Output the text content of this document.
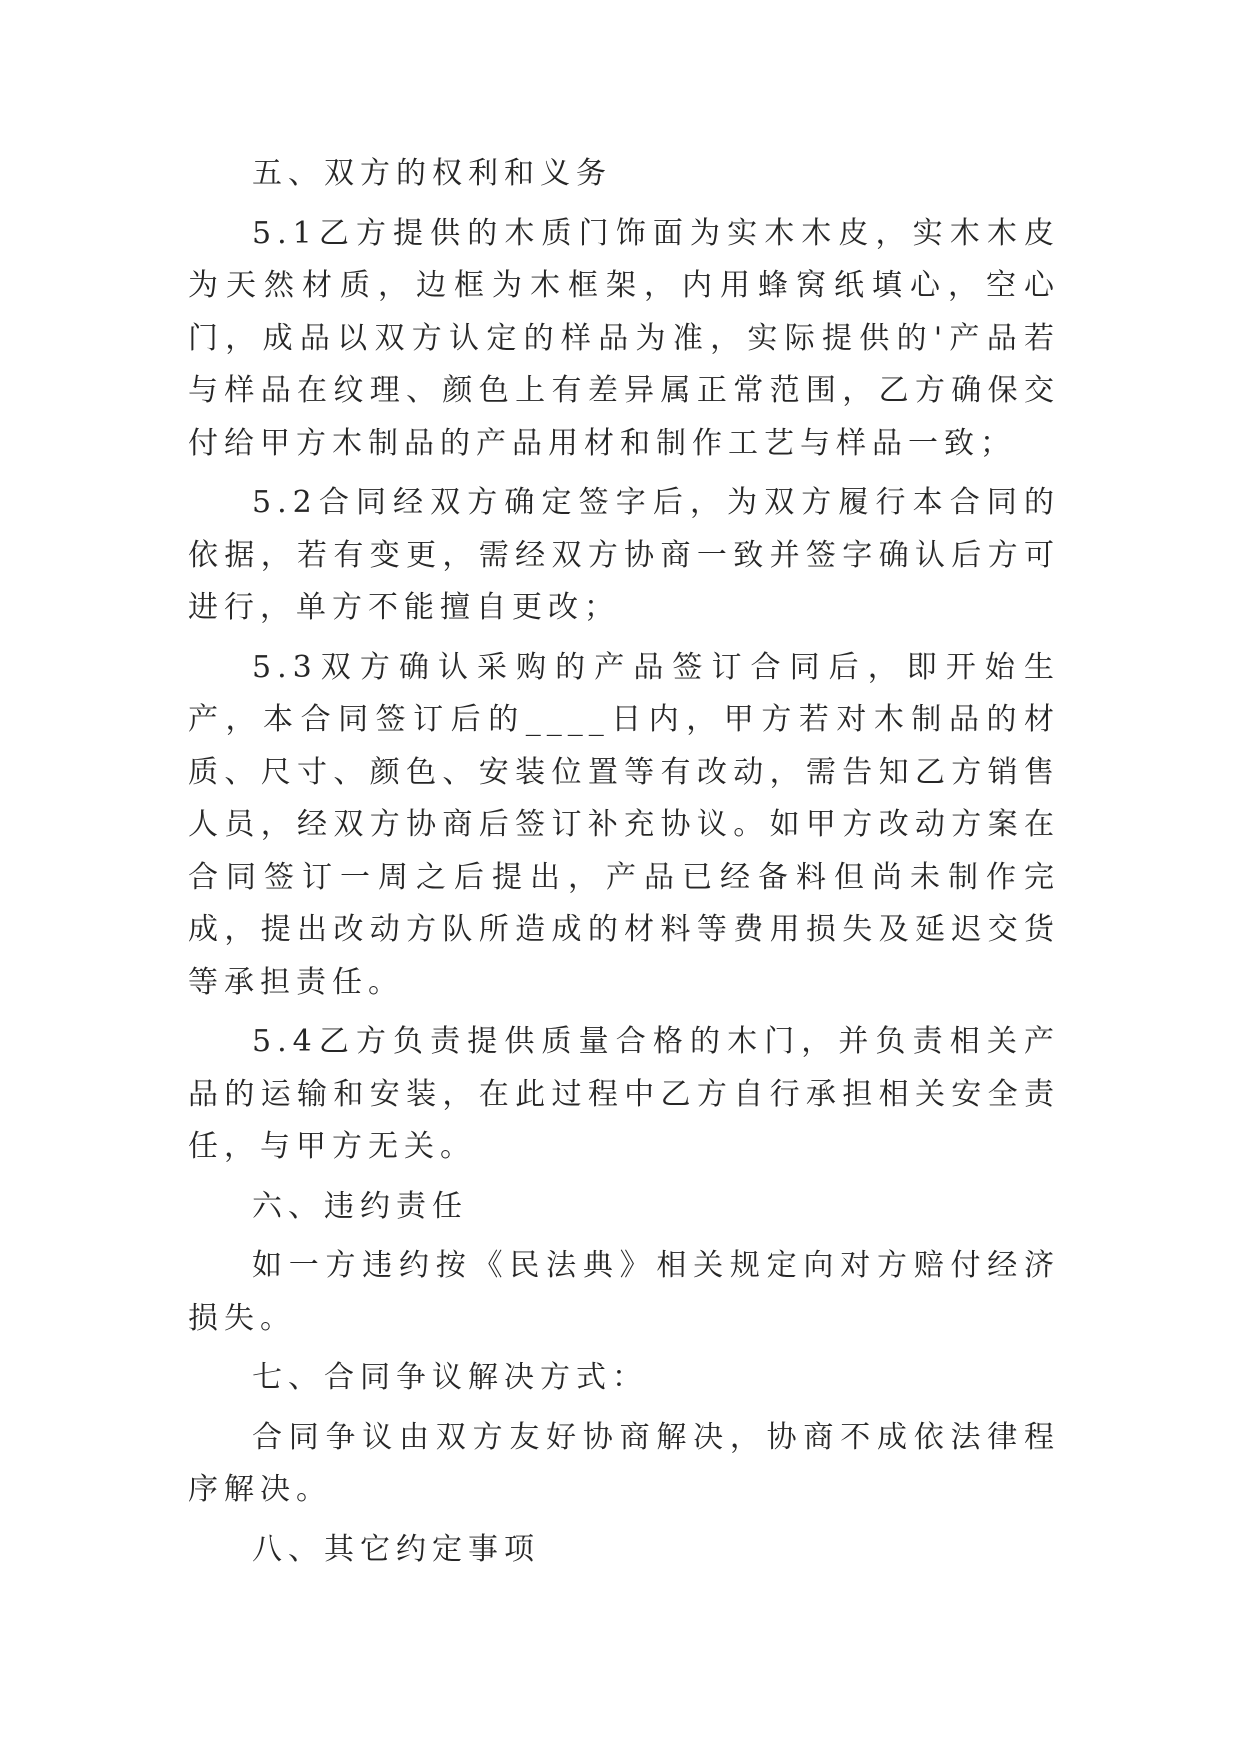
五、双方的权利和义务

5.1乙方提供的木质门饰面为实木木皮，实木木皮为天然材质，边框为木框架，内用蜂窝纸填心，空心门，成品以双方认定的样品为准，实际提供的'产品若与样品在纹理、颜色上有差异属正常范围，乙方确保交付给甲方木制品的产品用材和制作工艺与样品一致；

5.2合同经双方确定签字后，为双方履行本合同的依据，若有变更，需经双方协商一致并签字确认后方可进行，单方不能擅自更改；

5.3双方确认采购的产品签订合同后，即开始生产，本合同签订后的____日内，甲方若对木制品的材质、尺寸、颜色、安装位置等有改动，需告知乙方销售人员，经双方协商后签订补充协议。如甲方改动方案在合同签订一周之后提出，产品已经备料但尚未制作完成，提出改动方队所造成的材料等费用损失及延迟交货等承担责任。

5.4乙方负责提供质量合格的木门，并负责相关产品的运输和安装，在此过程中乙方自行承担相关安全责任，与甲方无关。

六、违约责任

如一方违约按《民法典》相关规定向对方赔付经济损失。

七、合同争议解决方式：

合同争议由双方友好协商解决，协商不成依法律程序解决。

八、其它约定事项
